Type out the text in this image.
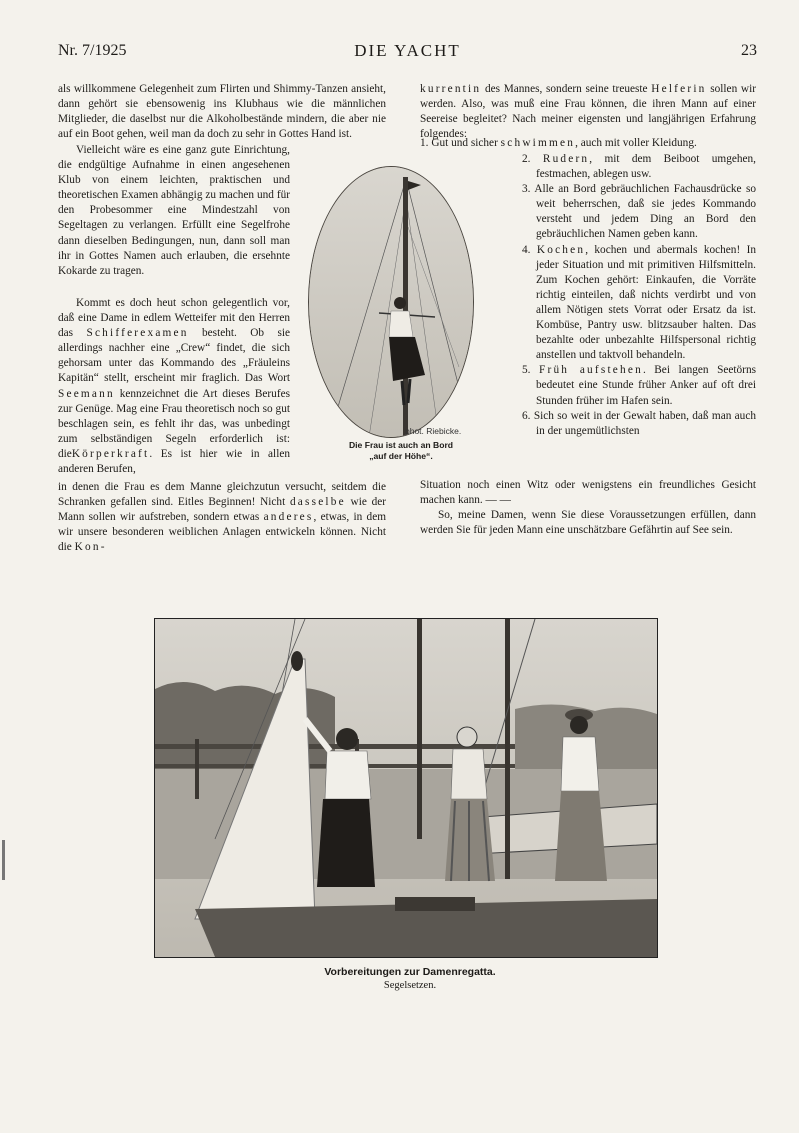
Nr. 7/1925	DIE YACHT	23

als willkommene Gelegenheit zum Flirten und Shimmy-Tanzen ansieht, dann gehört sie ebensowenig ins Klubhaus wie die männlichen Mitglieder, die daselbst nur die Alkoholbestände mindern, die aber nie auf ein Boot gehen, weil man da doch zu sehr in Gottes Hand ist.

Vielleicht wäre es eine ganz gute Einrichtung, die endgültige Aufnahme in einen angesehenen Klub von einem leichten, praktischen und theoretischen Examen abhängig zu machen und für den Probesommer eine Mindestzahl von Segeltagen zu verlangen. Erfüllt eine Segelfrohe dann dieselben Bedingungen, nun, dann soll man ihr in Gottes Namen auch erlauben, die ersehnte Kokarde zu tragen.

Kommt es doch heut schon gelegentlich vor, daß eine Dame in edlem Wetteifer mit den Herren das Schifferexamen besteht. Ob sie allerdings nachher eine „Crew“ findet, die sich gehorsam unter das Kommando des „Fräuleins Kapitän“ stellt, erscheint mir fraglich. Das Wort Seemann kennzeichnet die Art dieses Berufes zur Genüge. Mag eine Frau theoretisch noch so gut beschlagen sein, es fehlt ihr das, was unbedingt zum selbständigen Segeln erforderlich ist: dieKörperkraft. Es ist hier wie in allen anderen Berufen,

in denen die Frau es dem Manne gleichzutun versucht, seitdem die Schranken gefallen sind. Eitles Beginnen! Nicht dasselbe wie der Mann sollen wir aufstreben, sondern etwas anderes, etwas, in dem wir unsere besonderen weiblichen Anlagen entwickeln können. Nicht die Kon-

phot. Riebicke.
Die Frau ist auch an Bord
„auf der Höhe“.

kurrentin des Mannes, sondern seine treueste Helferin sollen wir werden. Also, was muß eine Frau können, die ihren Mann auf einer Seereise begleitet? Nach meiner eigensten und langjährigen Erfahrung folgendes:

1. Gut und sicher schwimmen, auch mit voller Kleidung.
2. Rudern, mit dem Beiboot umgehen, festmachen, ablegen usw.
3. Alle an Bord gebräuchlichen Fachausdrücke so weit beherrschen, daß sie jedes Kommando versteht und jedem Ding an Bord den gebräuchlichen Namen geben kann.
4. Kochen, kochen und abermals kochen! In jeder Situation und mit primitiven Hilfsmitteln. Zum Kochen gehört: Einkaufen, die Vorräte richtig einteilen, daß nichts verdirbt und von allem Nötigen stets Vorrat oder Ersatz da ist. Kombüse, Pantry usw. blitzsauber halten. Das bezahlte oder unbezahlte Hilfspersonal richtig anstellen und taktvoll behandeln.
5. Früh aufstehen. Bei langen Seetörns bedeutet eine Stunde früher Anker auf oft drei Stunden früher im Hafen sein.
6. Sich so weit in der Gewalt haben, daß man auch in der ungemütlichsten

Situation noch einen Witz oder wenigstens ein freundliches Gesicht machen kann. — —

So, meine Damen, wenn Sie diese Voraussetzungen erfüllen, dann werden Sie für jeden Mann eine unschätzbare Gefährtin auf See sein.

Vorbereitungen zur Damenregatta.
Segelsetzen.
